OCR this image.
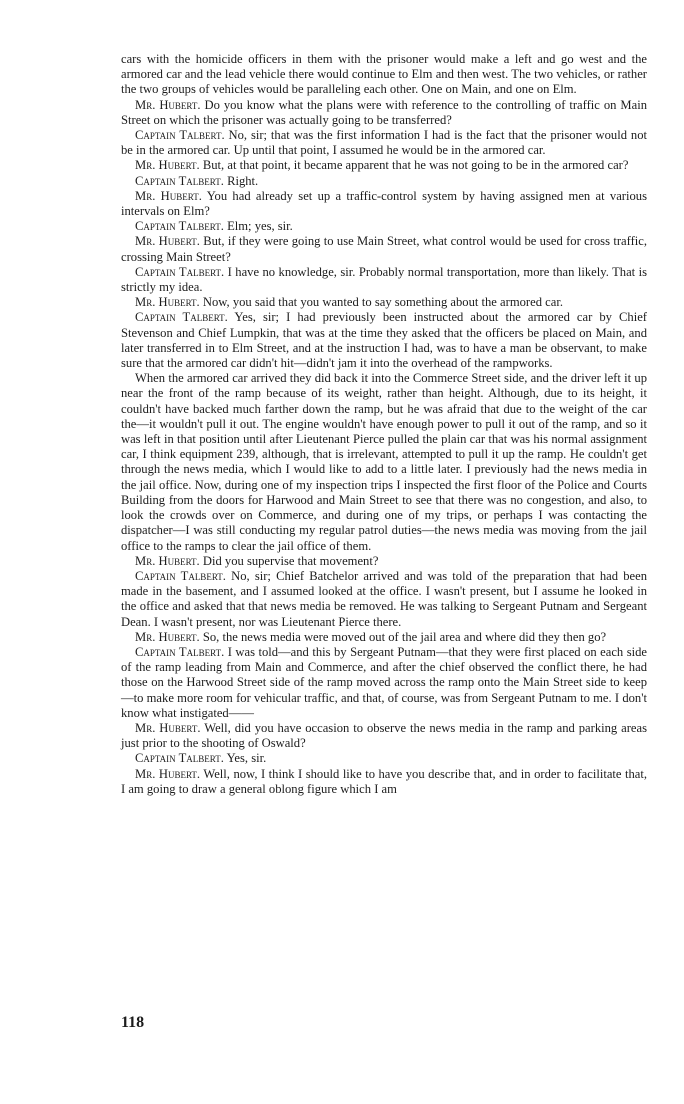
cars with the homicide officers in them with the prisoner would make a left and go west and the armored car and the lead vehicle there would continue to Elm and then west. The two vehicles, or rather the two groups of vehicles would be paralleling each other. One on Main, and one on Elm.

Mr. Hubert. Do you know what the plans were with reference to the controlling of traffic on Main Street on which the prisoner was actually going to be transferred?

Captain Talbert. No, sir; that was the first information I had is the fact that the prisoner would not be in the armored car. Up until that point, I assumed he would be in the armored car.

Mr. Hubert. But, at that point, it became apparent that he was not going to be in the armored car?

Captain Talbert. Right.

Mr. Hubert. You had already set up a traffic-control system by having assigned men at various intervals on Elm?

Captain Talbert. Elm; yes, sir.

Mr. Hubert. But, if they were going to use Main Street, what control would be used for cross traffic, crossing Main Street?

Captain Talbert. I have no knowledge, sir. Probably normal transportation, more than likely. That is strictly my idea.

Mr. Hubert. Now, you said that you wanted to say something about the armored car.

Captain Talbert. Yes, sir; I had previously been instructed about the armored car by Chief Stevenson and Chief Lumpkin, that was at the time they asked that the officers be placed on Main, and later transferred in to Elm Street, and at the instruction I had, was to have a man be observant, to make sure that the armored car didn't hit—didn't jam it into the overhead of the rampworks.

When the armored car arrived they did back it into the Commerce Street side, and the driver left it up near the front of the ramp because of its weight, rather than height. Although, due to its height, it couldn't have backed much farther down the ramp, but he was afraid that due to the weight of the car the—it wouldn't pull it out. The engine wouldn't have enough power to pull it out of the ramp, and so it was left in that position until after Lieutenant Pierce pulled the plain car that was his normal assignment car, I think equipment 239, although, that is irrelevant, attempted to pull it up the ramp. He couldn't get through the news media, which I would like to add to a little later. I previously had the news media in the jail office. Now, during one of my inspection trips I inspected the first floor of the Police and Courts Building from the doors for Harwood and Main Street to see that there was no congestion, and also, to look the crowds over on Commerce, and during one of my trips, or perhaps I was contacting the dispatcher—I was still conducting my regular patrol duties—the news media was moving from the jail office to the ramps to clear the jail office of them.

Mr. Hubert. Did you supervise that movement?

Captain Talbert. No, sir; Chief Batchelor arrived and was told of the preparation that had been made in the basement, and I assumed looked at the office. I wasn't present, but I assume he looked in the office and asked that that news media be removed. He was talking to Sergeant Putnam and Sergeant Dean. I wasn't present, nor was Lieutenant Pierce there.

Mr. Hubert. So, the news media were moved out of the jail area and where did they then go?

Captain Talbert. I was told—and this by Sergeant Putnam—that they were first placed on each side of the ramp leading from Main and Commerce, and after the chief observed the conflict there, he had those on the Harwood Street side of the ramp moved across the ramp onto the Main Street side to keep—to make more room for vehicular traffic, and that, of course, was from Sergeant Putnam to me. I don't know what instigated——

Mr. Hubert. Well, did you have occasion to observe the news media in the ramp and parking areas just prior to the shooting of Oswald?

Captain Talbert. Yes, sir.

Mr. Hubert. Well, now, I think I should like to have you describe that, and in order to facilitate that, I am going to draw a general oblong figure which I am

118
